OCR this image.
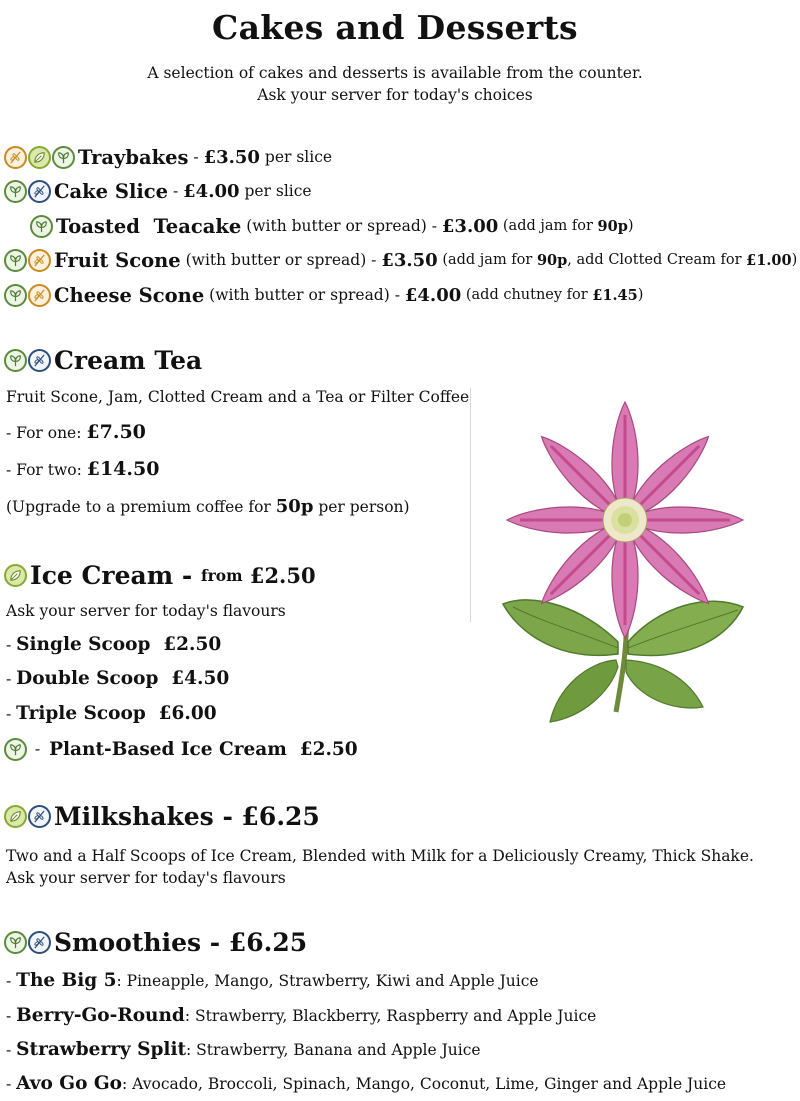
Cakes and Desserts
A selection of cakes and desserts is available from the counter.
Ask your server for today's choices
Traybakes - £3.50 per slice
Cake Slice - £4.00 per slice
Toasted  Teacake (with butter or spread) - £3.00 (add jam for 90p )
Fruit Scone (with butter or spread) - £3.50 (add jam for 90p , add Clotted Cream for £1.00 )
Cheese Scone (with butter or spread) - £4.00 (add chutney for £1.45 )
Cream Tea
Fruit Scone, Jam, Clotted Cream and a Tea or Filter Coffee
- For one: £7.50
- For two: £14.50
(Upgrade to a premium coffee for 50p per person)
Ice Cream - from £2.50
Ask your server for today's flavours
- Single Scoop  £2.50
- Double Scoop  £4.50
- Triple Scoop  £6.00
- Plant-Based Ice Cream  £2.50
Milkshakes - £6.25
Two and a Half Scoops of Ice Cream, Blended with Milk for a Deliciously Creamy, Thick Shake. Ask your server for today's flavours
Smoothies - £6.25
- The Big 5: Pineapple, Mango, Strawberry, Kiwi and Apple Juice
- Berry-Go-Round: Strawberry, Blackberry, Raspberry and Apple Juice
- Strawberry Split: Strawberry, Banana and Apple Juice
- Avo Go Go: Avocado, Broccoli, Spinach, Mango, Coconut, Lime, Ginger and Apple Juice
